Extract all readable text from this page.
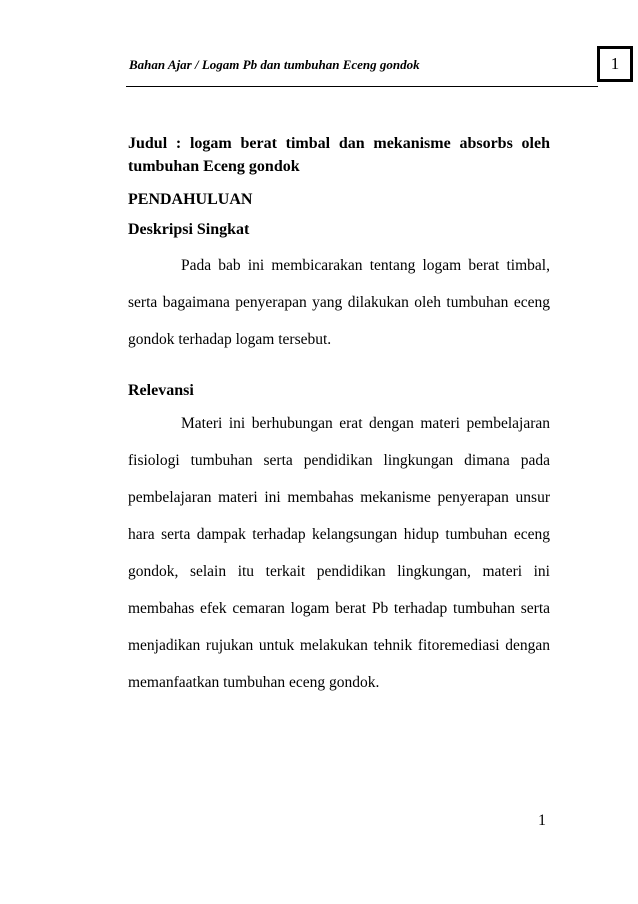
Bahan Ajar / Logam Pb dan tumbuhan Eceng gondok	1

Judul : logam berat timbal dan mekanisme absorbs oleh tumbuhan Eceng gondok

PENDAHULUAN

Deskripsi Singkat

Pada bab ini membicarakan tentang logam berat timbal, serta bagaimana penyerapan yang dilakukan oleh tumbuhan eceng gondok terhadap logam tersebut.

Relevansi

Materi ini berhubungan erat dengan materi pembelajaran fisiologi tumbuhan serta pendidikan lingkungan dimana pada pembelajaran materi ini membahas mekanisme penyerapan unsur hara serta dampak terhadap kelangsungan hidup tumbuhan eceng gondok, selain itu terkait pendidikan lingkungan, materi ini membahas efek cemaran logam berat Pb terhadap tumbuhan serta menjadikan rujukan untuk melakukan tehnik fitoremediasi dengan memanfaatkan tumbuhan eceng gondok.

1
